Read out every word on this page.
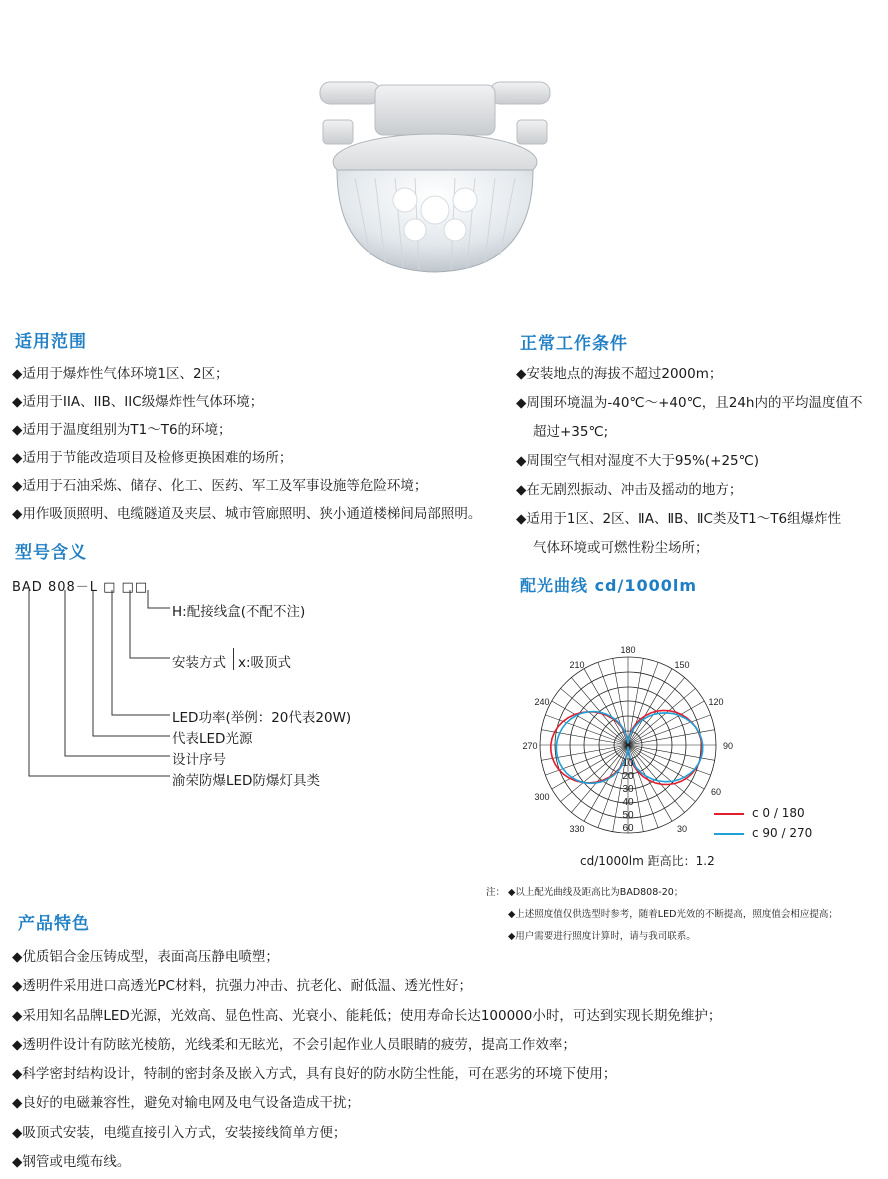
适用范围
◆适用于爆炸性气体环境1区、2区；
◆适用于IIA、IIB、IIC级爆炸性气体环境；
◆适用于温度组别为T1～T6的环境；
◆适用于节能改造项目及检修更换困难的场所；
◆适用于石油采炼、储存、化工、医药、军工及军事设施等危险环境；
◆用作吸顶照明、电缆隧道及夹层、城市管廊照明、狭小通道楼梯间局部照明。
正常工作条件
◆安装地点的海拔不超过2000m；
◆周围环境温为-40℃～+40℃，且24h内的平均温度值不
超过+35℃;
◆周围空气相对湿度不大于95%(+25℃)
◆在无剧烈振动、冲击及摇动的地方；
◆适用于1区、2区、ⅡA、ⅡB、ⅡC类及T1～T6组爆炸性
气体环境或可燃性粉尘场所；
型号含义
BAD 808－L □ □□
H:配接线盒(不配不注)
安装方式 x:吸顶式
LED功率(举例：20代表20W)
代表LED光源
设计序号
渝荣防爆LED防爆灯具类
配光曲线 cd/1000lm
180
150
120
90
60
30
210
240
270
300
330
10
20
30
40
50
60
c 0 / 180
c 90 / 270
cd/1000lm 距高比：1.2
注： ◆以上配光曲线及距高比为BAD808-20；
◆上述照度值仅供选型时参考，随着LED光效的不断提高，照度值会相应提高；
◆用户需要进行照度计算时，请与我司联系。
产品特色
◆优质铝合金压铸成型，表面高压静电喷塑；
◆透明件采用进口高透光PC材料，抗强力冲击、抗老化、耐低温、透光性好；
◆采用知名品牌LED光源，光效高、显色性高、光衰小、能耗低；使用寿命长达100000小时，可达到实现长期免维护；
◆透明件设计有防眩光棱筋，光线柔和无眩光，不会引起作业人员眼睛的疲劳，提高工作效率；
◆科学密封结构设计，特制的密封条及嵌入方式，具有良好的防水防尘性能，可在恶劣的环境下使用；
◆良好的电磁兼容性，避免对输电网及电气设备造成干扰；
◆吸顶式安装，电缆直接引入方式，安装接线简单方便；
◆钢管或电缆布线。
